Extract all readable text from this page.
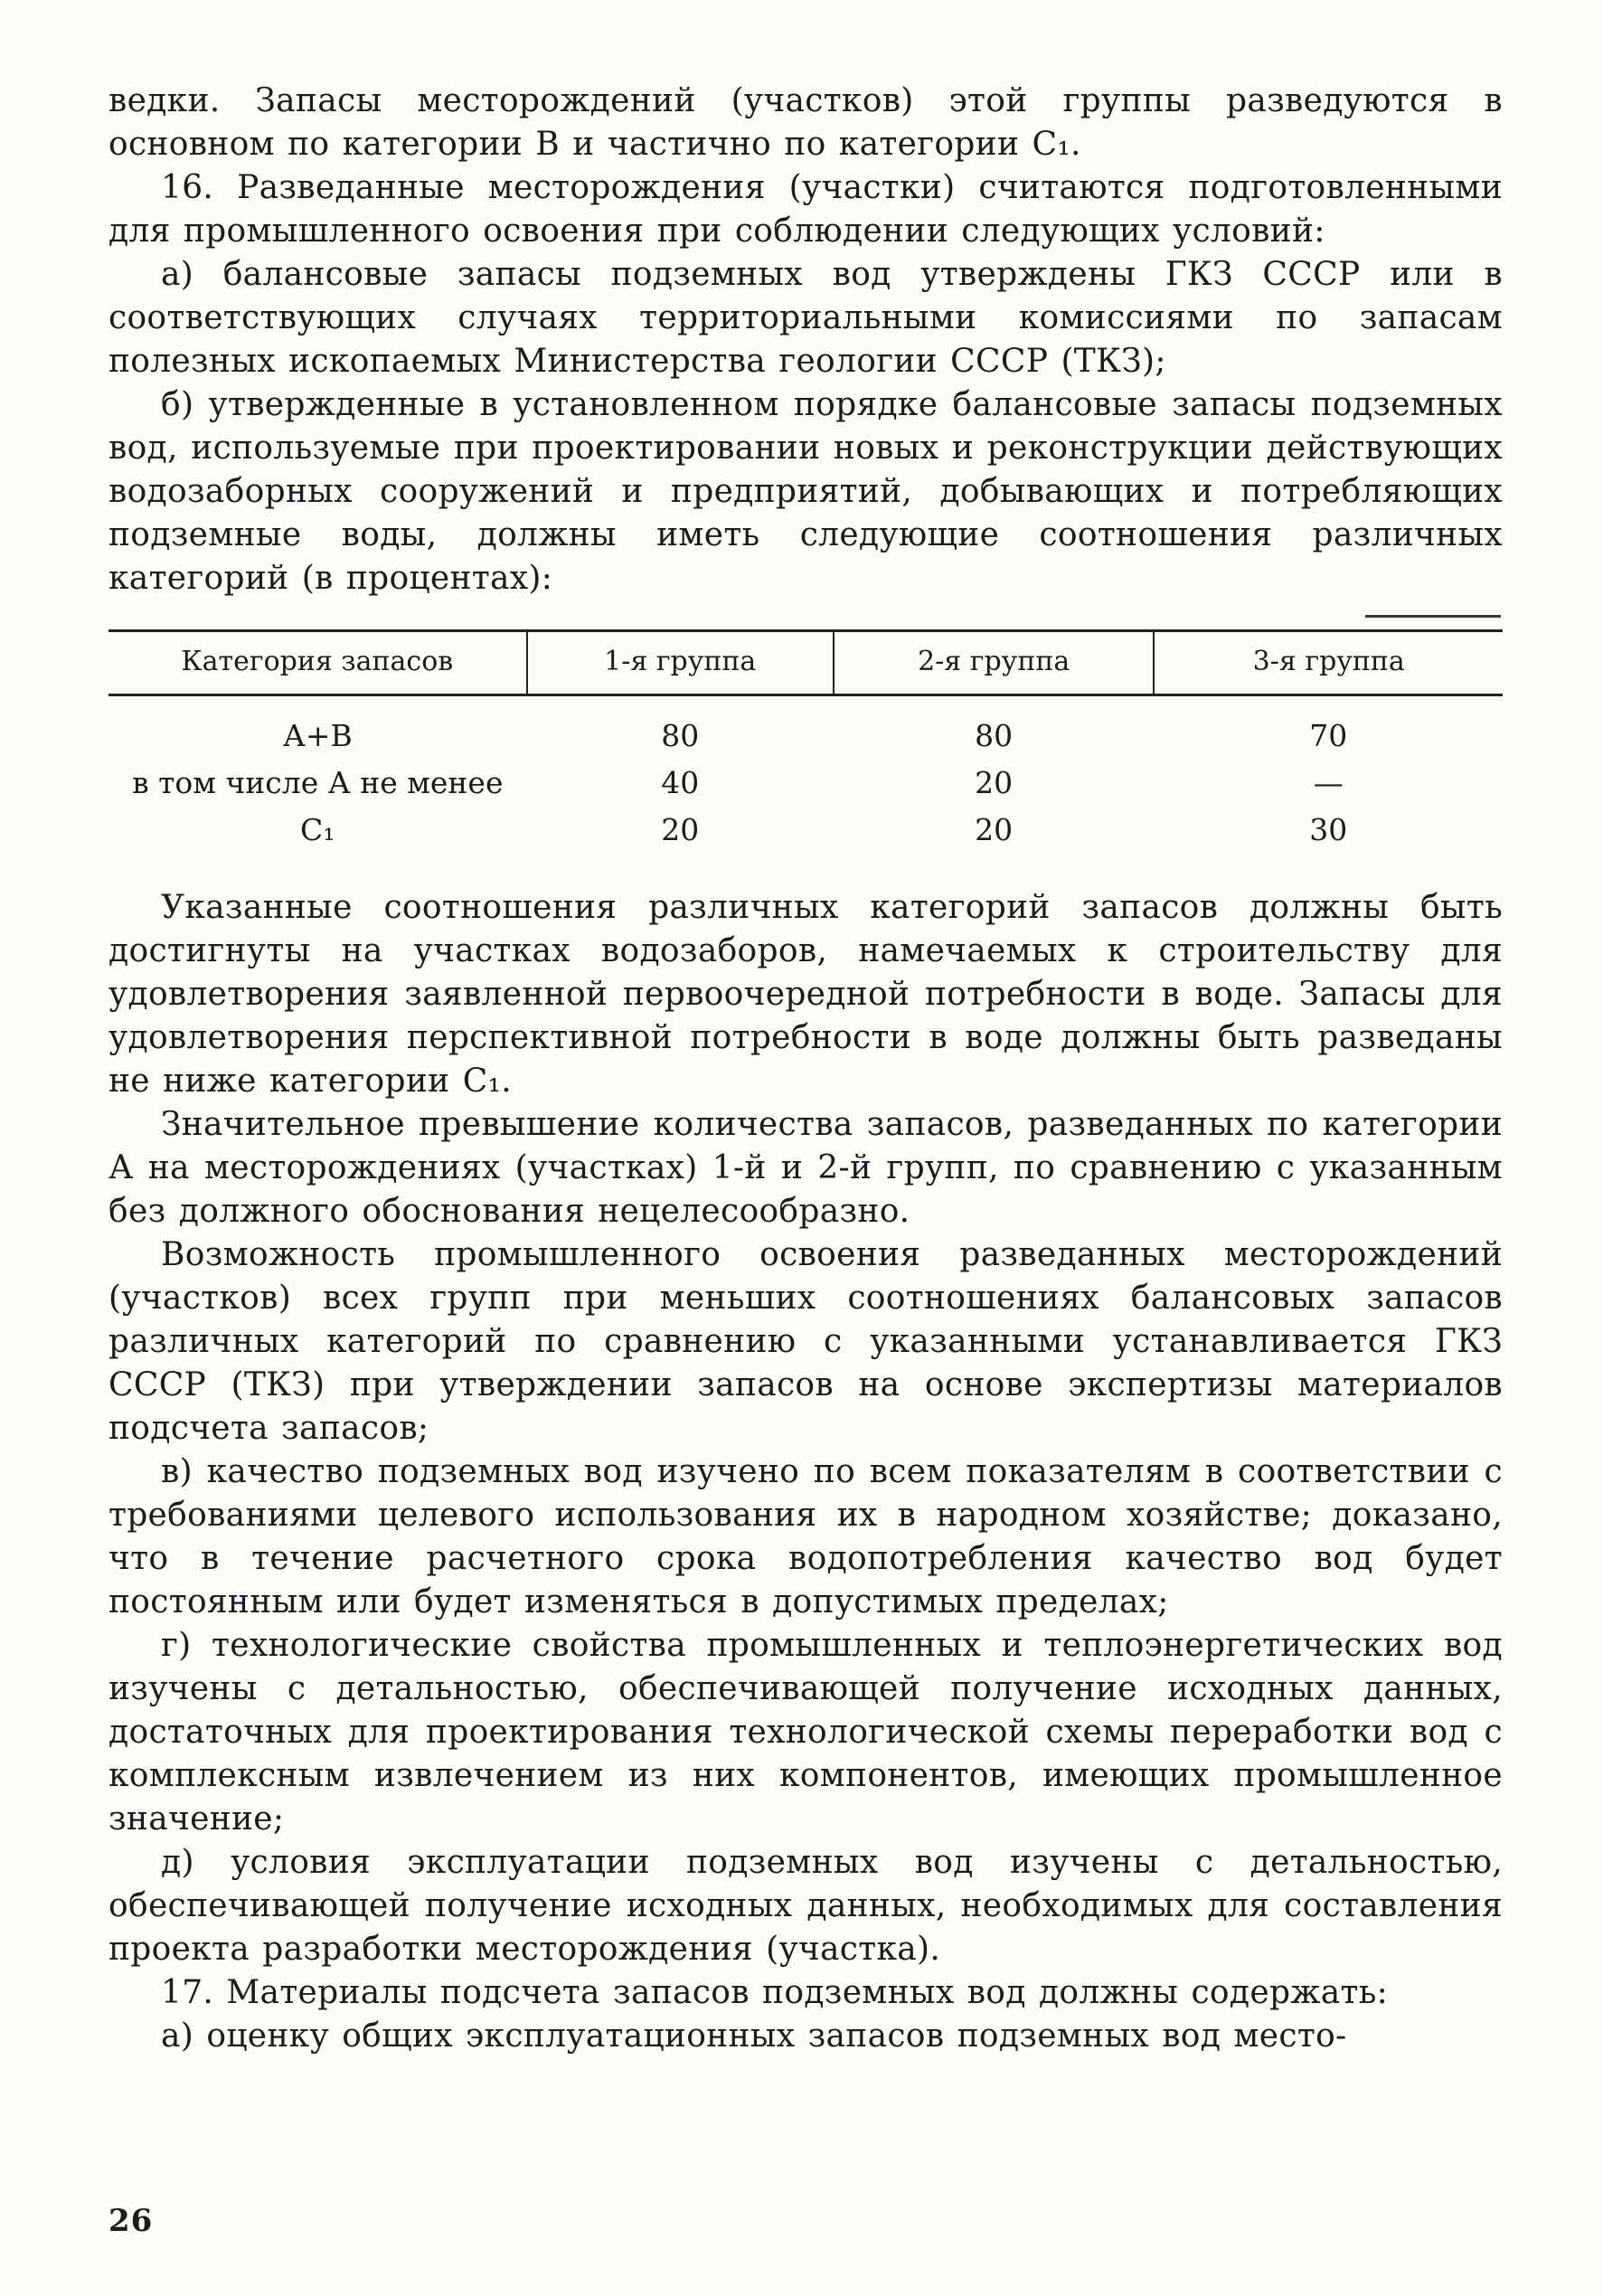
ведки. Запасы месторождений (участков) этой группы разведуются в основном по категории В и частично по категории С₁.

16. Разведанные месторождения (участки) считаются подготовленными для промышленного освоения при соблюдении следующих условий:

а) балансовые запасы подземных вод утверждены ГКЗ СССР или в соответствующих случаях территориальными комиссиями по запасам полезных ископаемых Министерства геологии СССР (ТКЗ);

б) утвержденные в установленном порядке балансовые запасы подземных вод, используемые при проектировании новых и реконструкции действующих водозаборных сооружений и предприятий, добывающих и потребляющих подземные воды, должны иметь следующие соотношения различных категорий (в процентах):

Категория запасов	1-я группа	2-я группа	3-я группа
А+В	80	80	70
в том числе А не менее	40	20	—
С₁	20	20	30

Указанные соотношения различных категорий запасов должны быть достигнуты на участках водозаборов, намечаемых к строительству для удовлетворения заявленной первоочередной потребности в воде. Запасы для удовлетворения перспективной потребности в воде должны быть разведаны не ниже категории С₁.

Значительное превышение количества запасов, разведанных по категории А на месторождениях (участках) 1-й и 2-й групп, по сравнению с указанным без должного обоснования нецелесообразно.

Возможность промышленного освоения разведанных месторождений (участков) всех групп при меньших соотношениях балансовых запасов различных категорий по сравнению с указанными устанавливается ГКЗ СССР (ТКЗ) при утверждении запасов на основе экспертизы материалов подсчета запасов;

в) качество подземных вод изучено по всем показателям в соответствии с требованиями целевого использования их в народном хозяйстве; доказано, что в течение расчетного срока водопотребления качество вод будет постоянным или будет изменяться в допустимых пределах;

г) технологические свойства промышленных и теплоэнергетических вод изучены с детальностью, обеспечивающей получение исходных данных, достаточных для проектирования технологической схемы переработки вод с комплексным извлечением из них компонентов, имеющих промышленное значение;

д) условия эксплуатации подземных вод изучены с детальностью, обеспечивающей получение исходных данных, необходимых для составления проекта разработки месторождения (участка).

17. Материалы подсчета запасов подземных вод должны содержать:

а) оценку общих эксплуатационных запасов подземных вод место-

26
